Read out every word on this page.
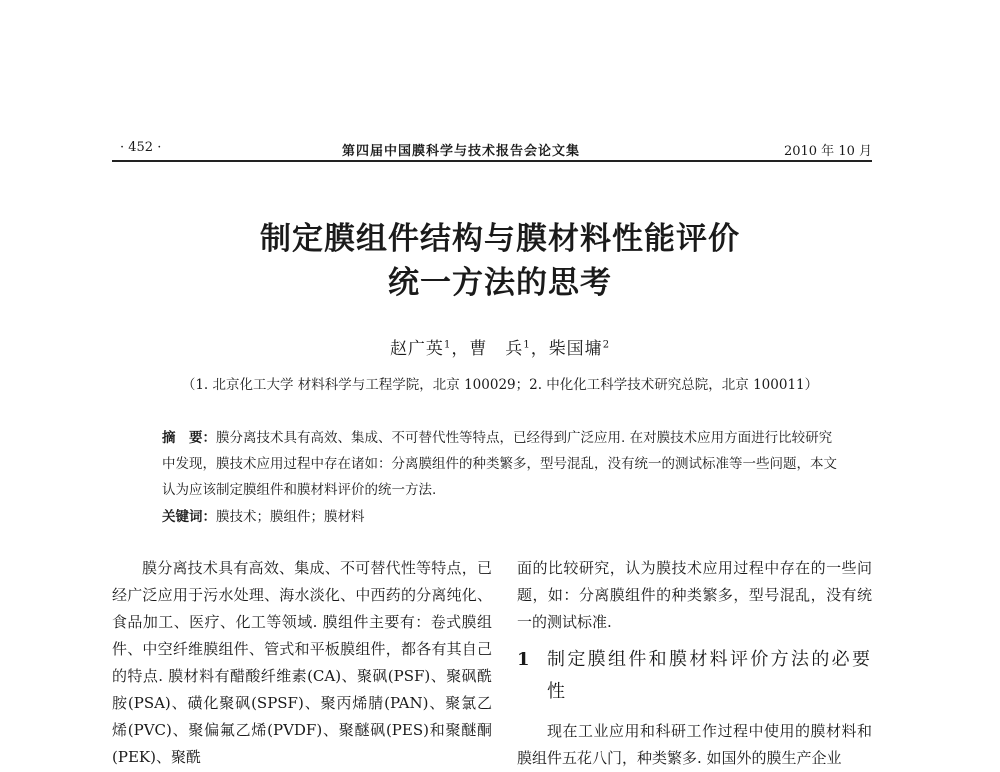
· 452 ·	第四届中国膜科学与技术报告会论文集	2010 年 10 月
制定膜组件结构与膜材料性能评价
统一方法的思考
赵广英$^1$，曹　兵$^1$，柴国墉$^2$
（1. 北京化工大学 材料科学与工程学院，北京 100029；2. 中化化工科学技术研究总院，北京 100011）
摘　要：膜分离技术具有高效、集成、不可替代性等特点，已经得到广泛应用. 在对膜技术应用方面进行比较研究中发现，膜技术应用过程中存在诸如：分离膜组件的种类繁多，型号混乱，没有统一的测试标准等一些问题，本文认为应该制定膜组件和膜材料评价的统一方法.
关键词：膜技术；膜组件；膜材料

膜分离技术具有高效、集成、不可替代性等特点，已经广泛应用于污水处理、海水淡化、中西药的分离纯化、食品加工、医疗、化工等领域. 膜组件主要有：卷式膜组件、中空纤维膜组件、管式和平板膜组件，都各有其自己的特点. 膜材料有醋酸纤维素(CA)、聚砜(PSF)、聚砜酰胺(PSA)、磺化聚砜(SPSF)、聚丙烯腈(PAN)、聚氯乙烯(PVC)、聚偏氟乙烯(PVDF)、聚醚砜(PES)和聚醚酮(PEK)、聚酰

面的比较研究，认为膜技术应用过程中存在的一些问题，如：分离膜组件的种类繁多，型号混乱，没有统一的测试标准.

1 制定膜组件和膜材料评价方法的必要性

现在工业应用和科研工作过程中使用的膜材料和膜组件五花八门，种类繁多. 如国外的膜生产企业
